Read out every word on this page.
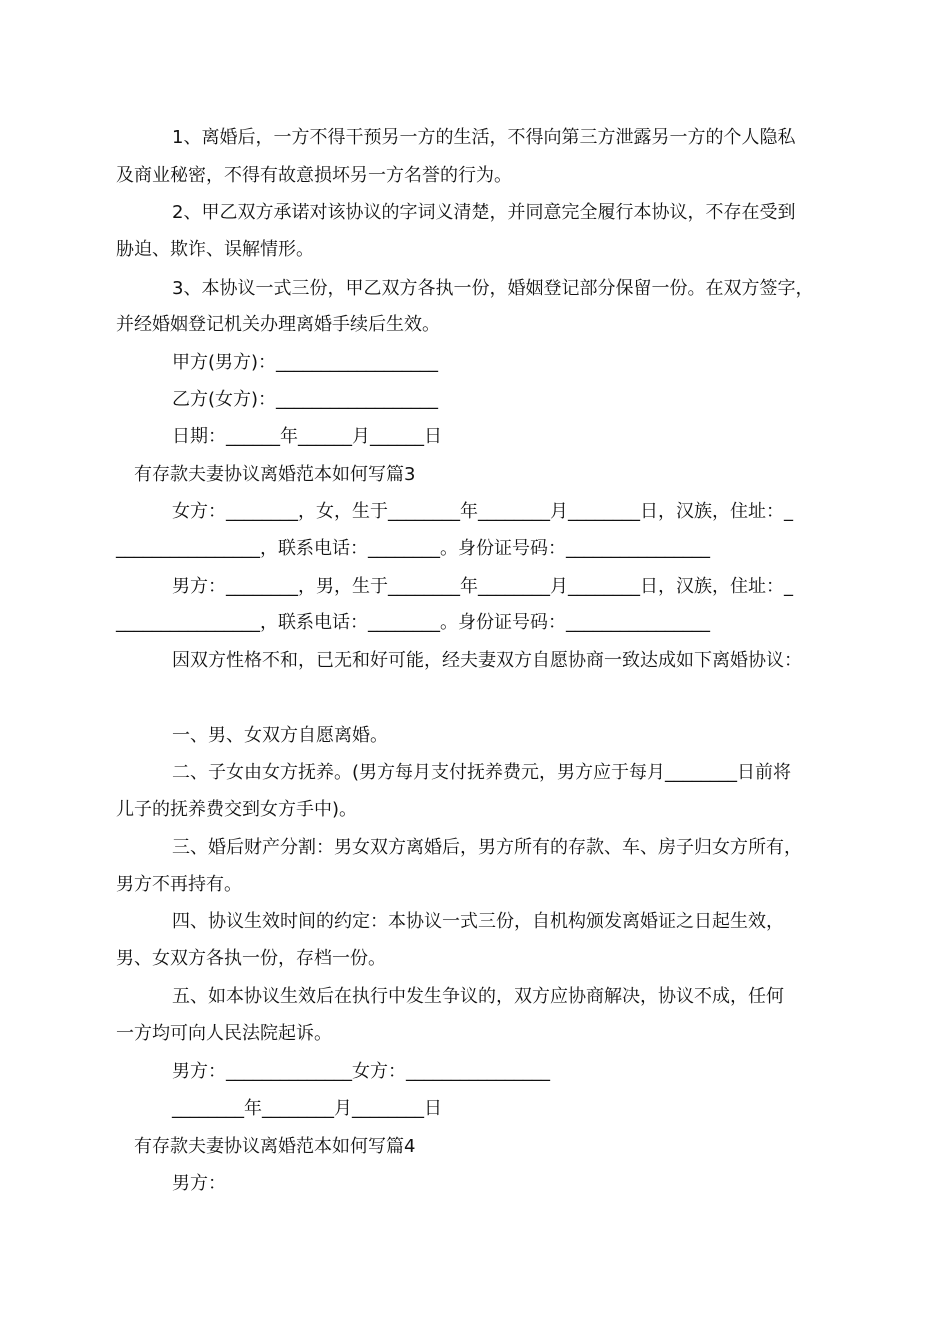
1、离婚后，一方不得干预另一方的生活，不得向第三方泄露另一方的个人隐私
及商业秘密，不得有故意损坏另一方名誉的行为。
2、甲乙双方承诺对该协议的字词义清楚，并同意完全履行本协议，不存在受到
胁迫、欺诈、误解情形。
3、本协议一式三份，甲乙双方各执一份，婚姻登记部分保留一份。在双方签字，
并经婚姻登记机关办理离婚手续后生效。
甲方(男方)：__________________
乙方(女方)：__________________
日期：______年______月______日
有存款夫妻协议离婚范本如何写篇3
女方：________，女，生于________年________月________日，汉族，住址：_
________________，联系电话：________。身份证号码：________________
男方：________，男，生于________年________月________日，汉族，住址：_
________________，联系电话：________。身份证号码：________________
因双方性格不和，已无和好可能，经夫妻双方自愿协商一致达成如下离婚协议：
一、男、女双方自愿离婚。
二、子女由女方抚养。(男方每月支付抚养费元，男方应于每月________日前将
儿子的抚养费交到女方手中)。
三、婚后财产分割：男女双方离婚后，男方所有的存款、车、房子归女方所有，
男方不再持有。
四、协议生效时间的约定：本协议一式三份，自机构颁发离婚证之日起生效，
男、女双方各执一份，存档一份。
五、如本协议生效后在执行中发生争议的，双方应协商解决，协议不成，任何
一方均可向人民法院起诉。
男方：______________女方：________________
________年________月________日
有存款夫妻协议离婚范本如何写篇4
男方：
